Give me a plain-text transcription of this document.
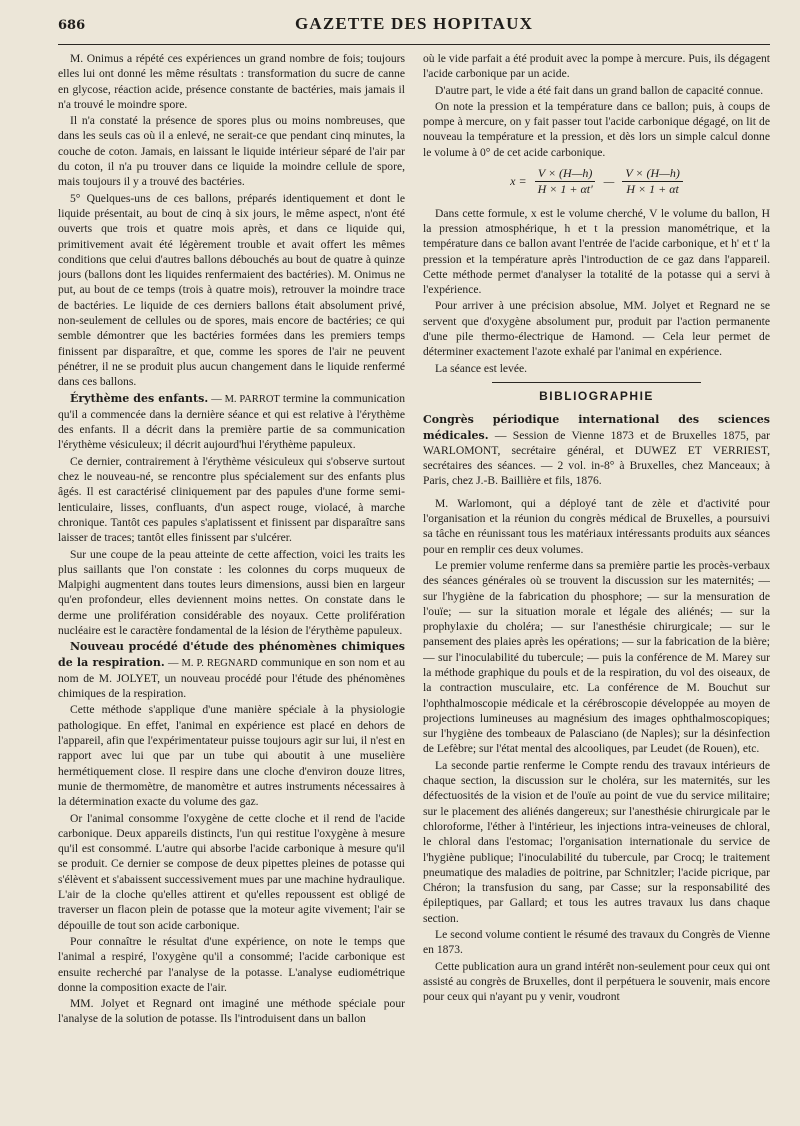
686	GAZETTE DES HOPITAUX

M. Onimus a répété ces expériences un grand nombre de fois; toujours elles lui ont donné les même résultats : transformation du sucre de canne en glycose, réaction acide, présence constante de bactéries, mais jamais il n'a trouvé le moindre spore.

Il n'a constaté la présence de spores plus ou moins nombreuses, que dans les seuls cas où il a enlevé, ne serait-ce que pendant cinq minutes, la couche de coton. Jamais, en laissant le liquide intérieur séparé de l'air par du coton, il n'a pu trouver dans ce liquide la moindre cellule de spore, mais toujours il y a trouvé des bactéries.

5° Quelques-uns de ces ballons, préparés identiquement et dont le liquide présentait, au bout de cinq à six jours, le même aspect, n'ont été ouverts que trois et quatre mois après, et dans ce liquide qui, primitivement avait été légèrement trouble et avait offert les mêmes conditions que celui d'autres ballons débouchés au bout de quatre à quinze jours (ballons dont les liquides renfermaient des bactéries). M. Onimus ne put, au bout de ce temps (trois à quatre mois), retrouver la moindre trace de bactéries. Le liquide de ces derniers ballons était absolument privé, non-seulement de cellules ou de spores, mais encore de bactéries; ce qui semble démontrer que les bactéries formées dans les premiers temps finissent par disparaître, et que, comme les spores de l'air ne peuvent pénétrer, il ne se produit plus aucun changement dans le liquide renfermé dans ces ballons.

Érythème des enfants. — M. PARROT termine la communication qu'il a commencée dans la dernière séance et qui est relative à l'érythème des enfants. Il a décrit dans la première partie de sa communication l'érythème vésiculeux; il décrit aujourd'hui l'érythème papuleux.

Ce dernier, contrairement à l'érythème vésiculeux qui s'observe surtout chez le nouveau-né, se rencontre plus spécialement sur des enfants plus âgés. Il est caractérisé cliniquement par des papules d'une forme semi-lenticulaire, lisses, confluants, d'un aspect rouge, violacé, à marche chronique. Tantôt ces papules s'aplatissent et finissent par disparaître sans laisser de traces; tantôt elles finissent par s'ulcérer.

Sur une coupe de la peau atteinte de cette affection, voici les traits les plus saillants que l'on constate : les colonnes du corps muqueux de Malpighi augmentent dans toutes leurs dimensions, aussi bien en largeur qu'en profondeur, elles deviennent moins nettes. On constate dans le derme une prolifération considérable des noyaux. Cette prolifération nucléaire est le caractère fondamental de la lésion de l'érythème papuleux.

Nouveau procédé d'étude des phénomènes chimiques de la respiration. — M. P. REGNARD communique en son nom et au nom de M. JOLYET, un nouveau procédé pour l'étude des phénomènes chimiques de la respiration.

Cette méthode s'applique d'une manière spéciale à la physiologie pathologique. En effet, l'animal en expérience est placé en dehors de l'appareil, afin que l'expérimentateur puisse toujours agir sur lui, il n'est en rapport avec lui que par un tube qui aboutit à une muselière hermétiquement close. Il respire dans une cloche d'environ douze litres, munie de thermomètre, de manomètre et autres instruments nécessaires à la détermination exacte du volume des gaz.

Or l'animal consomme l'oxygène de cette cloche et il rend de l'acide carbonique. Deux appareils distincts, l'un qui restitue l'oxygène à mesure qu'il est consommé. L'autre qui absorbe l'acide carbonique à mesure qu'il se produit. Ce dernier se compose de deux pipettes pleines de potasse qui s'élèvent et s'abaissent successivement mues par une machine hydraulique. L'air de la cloche qu'elles attirent et qu'elles repoussent est obligé de traverser un flacon plein de potasse que la moteur agite vivement; l'air se dépouille de tout son acide carbonique.

Pour connaître le résultat d'une expérience, on note le temps que l'animal a respiré, l'oxygène qu'il a consommé; l'acide carbonique est ensuite recherché par l'analyse de la potasse. L'analyse eudiométrique donne la composition exacte de l'air.

MM. Jolyet et Regnard ont imaginé une méthode spéciale pour l'analyse de la solution de potasse. Ils l'introduisent dans un ballon

où le vide parfait a été produit avec la pompe à mercure. Puis, ils dégagent l'acide carbonique par un acide.

D'autre part, le vide a été fait dans un grand ballon de capacité connue.

On note la pression et la température dans ce ballon; puis, à coups de pompe à mercure, on y fait passer tout l'acide carbonique dégagé, on lit de nouveau la température et la pression, et dès lors un simple calcul donne le volume à 0° de cet acide carbonique.

$x = \frac{V \times (H—h)}{H \times 1 + \alpha t'}$ — $\frac{V \times (H—h)}{H \times 1 + \alpha t}$

Dans cette formule, x est le volume cherché, V le volume du ballon, H la pression atmosphérique, h et t la pression manométrique, et la température dans ce ballon avant l'entrée de l'acide carbonique, et h' et t' la pression et la température après l'introduction de ce gaz dans l'appareil. Cette méthode permet d'analyser la totalité de la potasse qui a servi à l'expérience.

Pour arriver à une précision absolue, MM. Jolyet et Regnard ne se servent que d'oxygène absolument pur, produit par l'action permanente d'une pile thermo-électrique de Hamond. — Cela leur permet de déterminer exactement l'azote exhalé par l'animal en expérience.

La séance est levée.

BIBLIOGRAPHIE

Congrès périodique international des sciences médicales. — Session de Vienne 1873 et de Bruxelles 1875, par WARLOMONT, secrétaire général, et DUWEZ ET VERRIEST, secrétaires des séances. — 2 vol. in-8° à Bruxelles, chez Manceaux; à Paris, chez J.-B. Baillière et fils, 1876.

M. Warlomont, qui a déployé tant de zèle et d'activité pour l'organisation et la réunion du congrès médical de Bruxelles, a poursuivi sa tâche en réunissant tous les matériaux intéressants produits aux séances pour en remplir ces deux volumes.

Le premier volume renferme dans sa première partie les procès-verbaux des séances générales où se trouvent la discussion sur les maternités; — sur l'hygiène de la fabrication du phosphore; — sur la mensuration de l'ouïe; — sur la situation morale et légale des aliénés; — sur la prophylaxie du choléra; — sur l'anesthésie chirurgicale; — sur le pansement des plaies après les opérations; — sur la fabrication de la bière; — sur l'inoculabilité du tubercule; — puis la conférence de M. Marey sur la méthode graphique du pouls et de la respiration, du vol des oiseaux, de la contraction musculaire, etc. La conférence de M. Bouchut sur l'ophthalmoscopie médicale et la cérébroscopie développée au moyen de projections lumineuses au magnésium des images ophthalmoscopiques; sur l'hygiène des tombeaux de Palasciano (de Naples); sur la désinfection de Lefèbre; sur l'état mental des alcooliques, par Leudet (de Rouen), etc.

La seconde partie renferme le Compte rendu des travaux intérieurs de chaque section, la discussion sur le choléra, sur les maternités, sur les défectuosités de la vision et de l'ouïe au point de vue du service militaire; sur le placement des aliénés dangereux; sur l'anesthésie chirurgicale par le chloroforme, l'éther à l'intérieur, les injections intra-veineuses de chloral, le chloral dans l'estomac; l'organisation internationale du service de l'hygiène publique; l'inoculabilité du tubercule, par Crocq; le traitement pneumatique des maladies de poitrine, par Schnitzler; l'acide picrique, par Chéron; la transfusion du sang, par Casse; sur la responsabilité des épileptiques, par Gallard; et tous les autres travaux lus dans chaque section.

Le second volume contient le résumé des travaux du Congrès de Vienne en 1873.

Cette publication aura un grand intérêt non-seulement pour ceux qui ont assisté au congrès de Bruxelles, dont il perpétuera le souvenir, mais encore pour ceux qui n'ayant pu y venir, voudront
